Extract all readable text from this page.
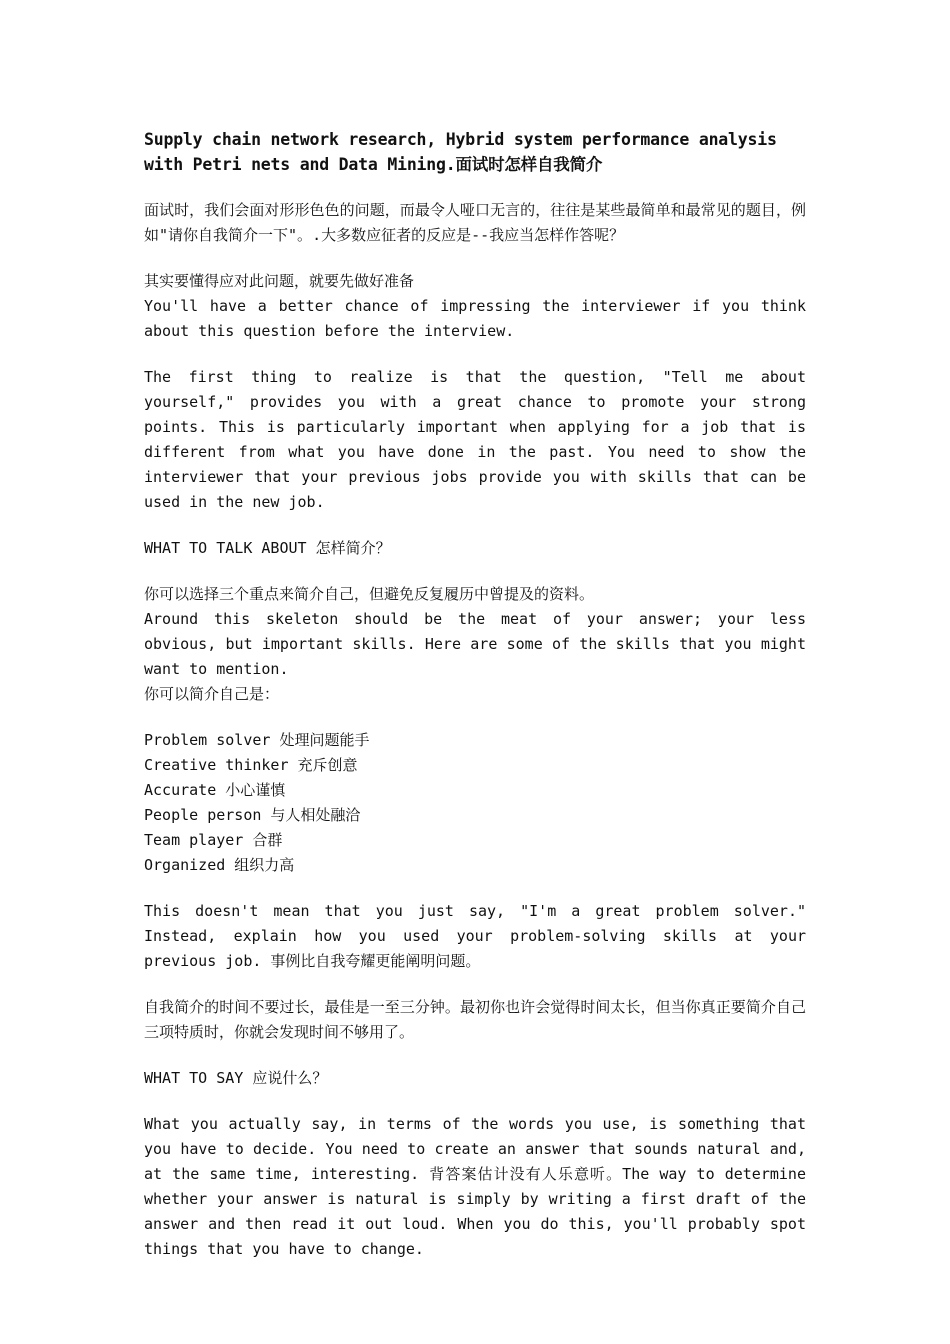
Supply chain network research, Hybrid system performance analysis with Petri nets and Data Mining.面试时怎样自我简介
面试时，我们会面对形形色色的问题，而最令人哑口无言的，往往是某些最简单和最常见的题目，例如"请你自我简介一下"。.大多数应征者的反应是--我应当怎样作答呢？
其实要懂得应对此问题，就要先做好准备
You'll have a better chance of impressing the interviewer if you think about this question before the interview.
The first thing to realize is that the question, "Tell me about yourself," provides you with a great chance to promote your strong points. This is particularly important when applying for a job that is different from what you have done in the past. You need to show the interviewer that your previous jobs provide you with skills that can be used in the new job.
WHAT TO TALK ABOUT 怎样简介？
你可以选择三个重点来简介自己，但避免反复履历中曾提及的资料。
Around this skeleton should be the meat of your answer; your less obvious, but important skills. Here are some of the skills that you might want to mention.
你可以简介自己是：
Problem solver 处理问题能手
Creative thinker 充斥创意
Accurate 小心谨慎
People person 与人相处融洽
Team player 合群
Organized 组织力高
This doesn't mean that you just say, "I'm a great problem solver." Instead, explain how you used your problem-solving skills at your previous job. 事例比自我夸耀更能阐明问题。
自我简介的时间不要过长，最佳是一至三分钟。最初你也许会觉得时间太长，但当你真正要简介自己三项特质时，你就会发现时间不够用了。
WHAT TO SAY 应说什么？
What you actually say, in terms of the words you use, is something that you have to decide. You need to create an answer that sounds natural and, at the same time, interesting. 背答案估计没有人乐意听。The way to determine whether your answer is natural is simply by writing a first draft of the answer and then read it out loud. When you do this, you'll probably spot things that you have to change.
